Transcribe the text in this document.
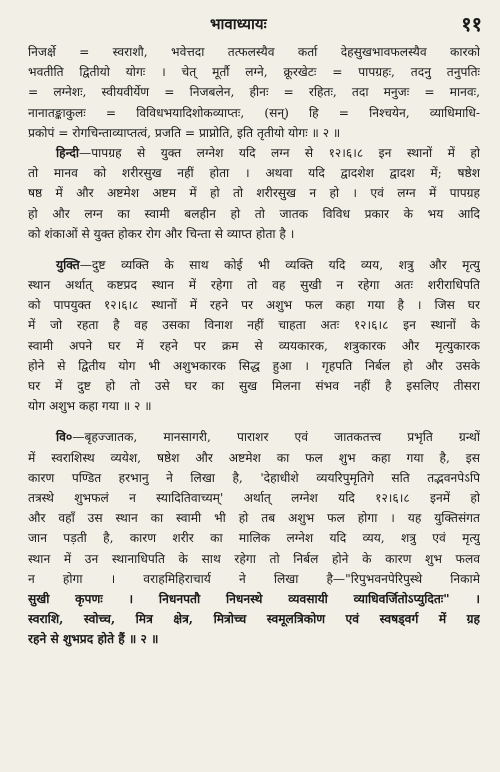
भावाध्यायः	११
निजर्क्षे = स्वराशौ, भवेत्तदा तत्फलस्यैव कर्ता देहसुखभावफलस्यैव कारको
भवतीति द्वितीयो योगः । चेत् मूर्तौ लग्ने, क्रूरखेटः = पापग्रहः, तदनु तनुपतिः
= लग्नेशः, स्वीयवीर्येण = निजबलेन, हीनः = रहितः, तदा मनुजः = मानवः,
नानातङ्काकुलः = विविधभयादिशोकव्याप्तः, (सन्) हि = निश्चयेन, व्याधिमाधि-
प्रकोपं = रोगचिन्ताव्याप्तत्वं, प्रजति = प्राप्नोति, इति तृतीयो योगः ॥ २ ॥
हिन्दी—पापग्रह से युक्त लग्नेश यदि लग्न से १२।६।८ इन स्थानों में हो
तो मानव को शरीरसुख नहीं होता । अथवा यदि द्वादशेश द्वादश में; षष्ठेश
षष्ठ में और अष्टमेश अष्टम में हो तो शरीरसुख न हो । एवं लग्न में पापग्रह
हो और लग्न का स्वामी बलहीन हो तो जातक विविध प्रकार के भय आदि
को शंकाओं से युक्त होकर रोग और चिन्ता से व्याप्त होता है ।
युक्ति—दुष्ट व्यक्ति के साथ कोई भी व्यक्ति यदि व्यय, शत्रु और मृत्यु
स्थान अर्थात् कष्टप्रद स्थान में रहेगा तो वह सुखी न रहेगा अतः शरीराधिपति
को पापयुक्त १२।६।८ स्थानों में रहने पर अशुभ फल कहा गया है । जिस घर
में जो रहता है वह उसका विनाश नहीं चाहता अतः १२।६।८ इन स्थानों के
स्वामी अपने घर में रहने पर क्रम से व्ययकारक, शत्रुकारक और मृत्युकारक
होने से द्वितीय योग भी अशुभकारक सिद्ध हुआ । गृहपति निर्बल हो और उसके
घर में दुष्ट हो तो उसे घर का सुख मिलना संभव नहीं है इसलिए तीसरा
योग अशुभ कहा गया ॥ २ ॥
वि०—बृहज्जातक, मानसागरी, पाराशर एवं जातकतत्त्व प्रभृति ग्रन्थों
में स्वराशिस्थ व्ययेश, षष्ठेश और अष्टमेश का फल शुभ कहा गया है, इस
कारण पण्डित हरभानु ने लिखा है, 'देहाधीशे व्ययरिपुमृतिगे सति तद्भवनपेऽपि
तत्रस्थे शुभफलं न स्यादितिवाच्यम्' अर्थात् लग्नेश यदि १२।६।८ इनमें हो
और वहाँ उस स्थान का स्वामी भी हो तब अशुभ फल होगा । यह युक्तिसंगत
जान पड़ती है, कारण शरीर का मालिक लग्नेश यदि व्यय, शत्रु एवं मृत्यु
स्थान में उन स्थानाधिपति के साथ रहेगा तो निर्बल होने के कारण शुभ फलव
न होगा । वराहमिहिराचार्य ने लिखा है—"रिपुभवनपेरिपुस्थे निकामे
सुखी कृपणः । निधनपतौ निधनस्थे व्यवसायी व्याधिवर्जितोऽप्युदितः" ।
स्वराशि, स्वोच्च, मित्र क्षेत्र, मित्रोच्च स्वमूलत्रिकोण एवं स्वषड्वर्ग में ग्रह
रहने से शुभप्रद होते हैं ॥ २ ॥
